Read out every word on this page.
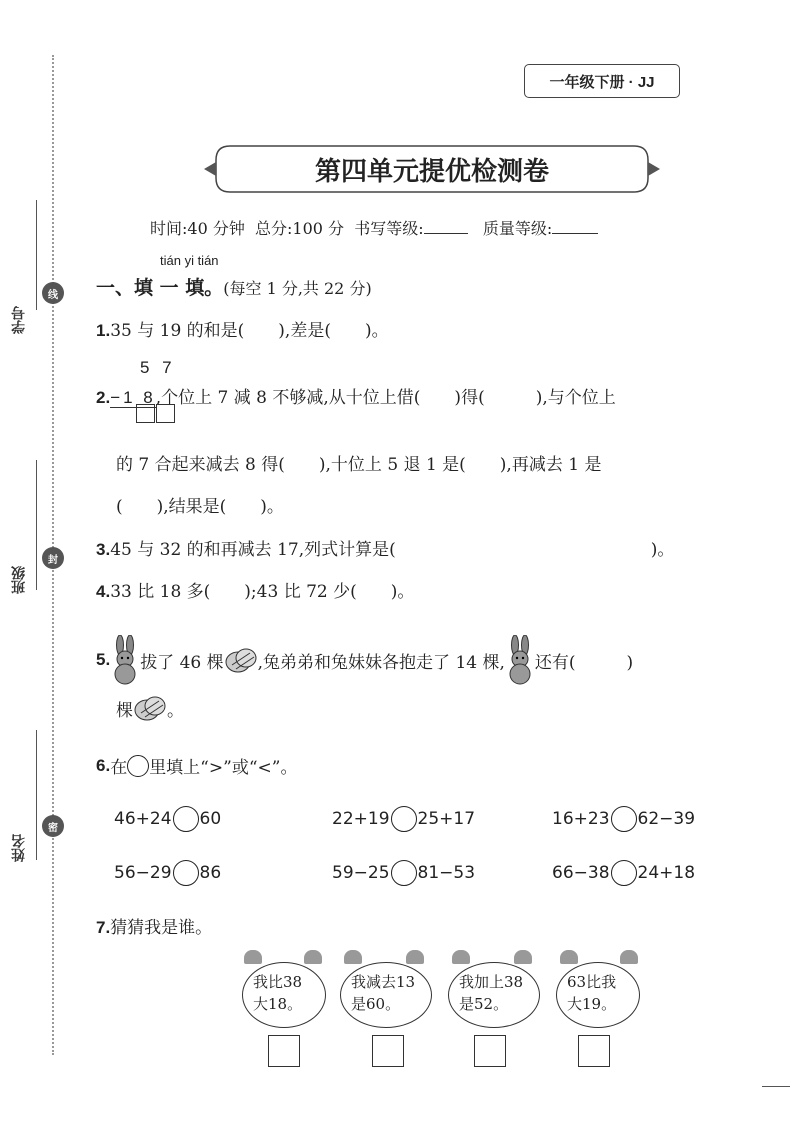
学号
线
班级
封
姓名
密
一年级下册 · JJ
第四单元提优检测卷
时间:40 分钟 总分:100 分 书写等级:	质量等级:
tián yi tián
一、填 一 填。(每空 1 分,共 22 分)
1.35 与 19 的和是(　　),差是(　　)。
5 7
2.−1 8,个位上 7 减 8 不够减,从十位上借(　　)得(　　　),与个位上
的 7 合起来减去 8 得(　　),十位上 5 退 1 是(　　),再减去 1 是
(　　),结果是(　　)。
3.45 与 32 的和再减去 17,列式计算是(　　　　　　　　　　　　　　　)。
4.33 比 18 多(　　);43 比 72 少(　　)。
5. 拔了 46 棵 ,兔弟弟和兔妹妹各抱走了 14 棵, 还有(　　　)
棵 。
6. 在 里填上“>”或“<”。
46+24 60	22+19 25+17	16+23 62−39
56−29 86	59−25 81−53	66−38 24+18
7.猜猜我是谁。
我比38
大18。
我减去13
是60。
我加上38
是52。
63比我
大19。
